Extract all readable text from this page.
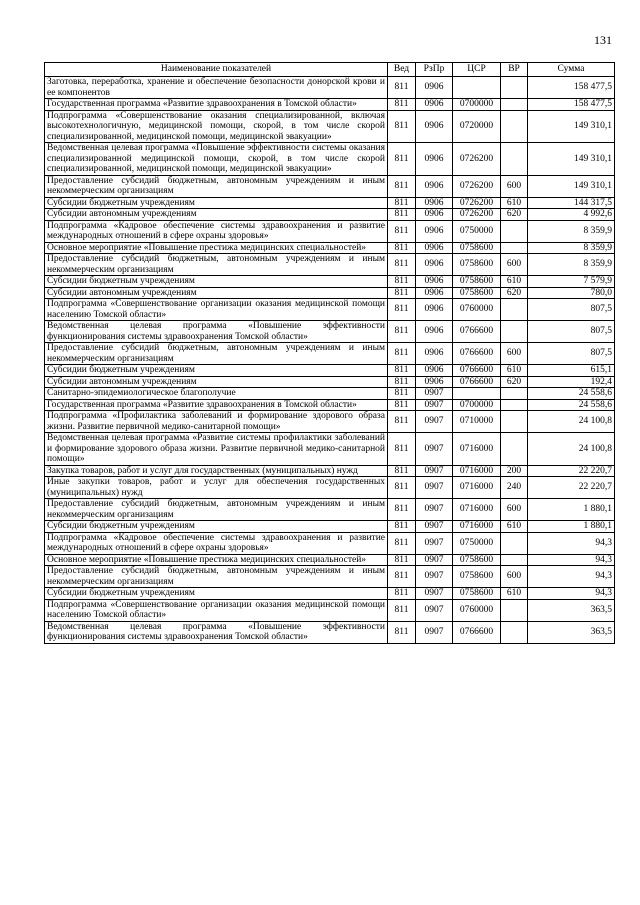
131
Наименование показателей	Вед	РзПр	ЦСР	ВР	Сумма
Заготовка, переработка, хранение и обеспечение безопасности донорской крови и ее компонентов	811	0906			158 477,5
Государственная программа «Развитие здравоохранения в Томской области»	811	0906	0700000		158 477,5
Подпрограмма «Совершенствование оказания специализированной, включая высокотехнологичную, медицинской помощи, скорой, в том числе скорой специализированной, медицинской помощи, медицинской эвакуации»	811	0906	0720000		149 310,1
Ведомственная целевая программа «Повышение эффективности системы оказания специализированной медицинской помощи, скорой, в том числе скорой специализированной, медицинской помощи, медицинской эвакуации»	811	0906	0726200		149 310,1
Предоставление субсидий бюджетным, автономным учреждениям и иным некоммерческим организациям	811	0906	0726200	600	149 310,1
Субсидии бюджетным учреждениям	811	0906	0726200	610	144 317,5
Субсидии автономным учреждениям	811	0906	0726200	620	4 992,6
Подпрограмма «Кадровое обеспечение системы здравоохранения и развитие международных отношений в сфере охраны здоровья»	811	0906	0750000		8 359,9
Основное мероприятие «Повышение престижа медицинских специальностей»	811	0906	0758600		8 359,9
Предоставление субсидий бюджетным, автономным учреждениям и иным некоммерческим организациям	811	0906	0758600	600	8 359,9
Субсидии бюджетным учреждениям	811	0906	0758600	610	7 579,9
Субсидии автономным учреждениям	811	0906	0758600	620	780,0
Подпрограмма «Совершенствование организации оказания медицинской помощи населению Томской области»	811	0906	0760000		807,5
Ведомственная целевая программа «Повышение эффективности функционирования системы здравоохранения Томской области»	811	0906	0766600		807,5
Предоставление субсидий бюджетным, автономным учреждениям и иным некоммерческим организациям	811	0906	0766600	600	807,5
Субсидии бюджетным учреждениям	811	0906	0766600	610	615,1
Субсидии автономным учреждениям	811	0906	0766600	620	192,4
Санитарно-эпидемиологическое благополучие	811	0907			24 558,6
Государственная программа «Развитие здравоохранения в Томской области»	811	0907	0700000		24 558,6
Подпрограмма «Профилактика заболеваний и формирование здорового образа жизни. Развитие первичной медико-санитарной помощи»	811	0907	0710000		24 100,8
Ведомственная целевая программа «Развитие системы профилактики заболеваний и формирование здорового образа жизни. Развитие первичной медико-санитарной помощи»	811	0907	0716000		24 100,8
Закупка товаров, работ и услуг для государственных (муниципальных) нужд	811	0907	0716000	200	22 220,7
Иные закупки товаров, работ и услуг для обеспечения государственных (муниципальных) нужд	811	0907	0716000	240	22 220,7
Предоставление субсидий бюджетным, автономным учреждениям и иным некоммерческим организациям	811	0907	0716000	600	1 880,1
Субсидии бюджетным учреждениям	811	0907	0716000	610	1 880,1
Подпрограмма «Кадровое обеспечение системы здравоохранения и развитие международных отношений в сфере охраны здоровья»	811	0907	0750000		94,3
Основное мероприятие «Повышение престижа медицинских специальностей»	811	0907	0758600		94,3
Предоставление субсидий бюджетным, автономным учреждениям и иным некоммерческим организациям	811	0907	0758600	600	94,3
Субсидии бюджетным учреждениям	811	0907	0758600	610	94,3
Подпрограмма «Совершенствование организации оказания медицинской помощи населению Томской области»	811	0907	0760000		363,5
Ведомственная целевая программа «Повышение эффективности функционирования системы здравоохранения Томской области»	811	0907	0766600		363,5
